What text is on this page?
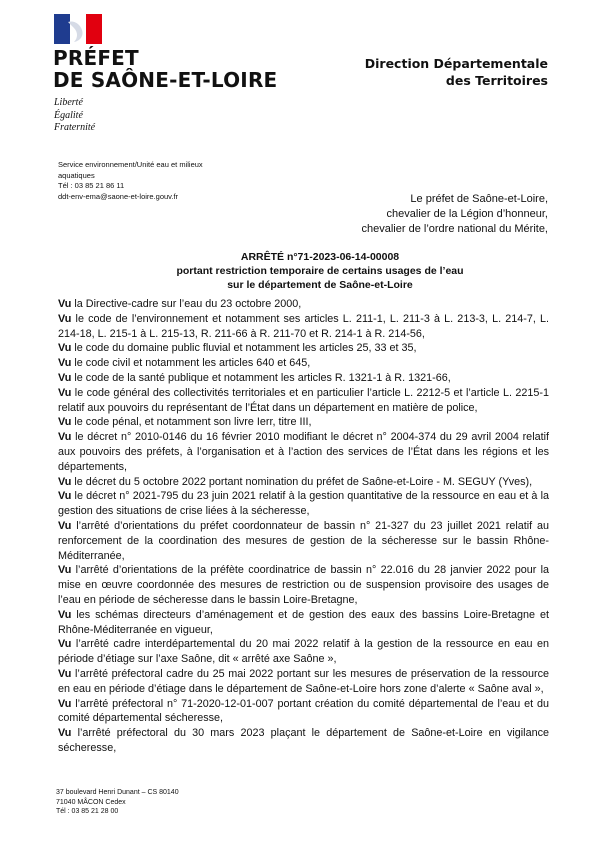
PRÉFET
DE SAÔNE-ET-LOIRE
Liberté
Égalité
Fraternité
Direction Départementale
des Territoires
Service environnement/Unité eau et milieux
aquatiques
Tél : 03 85 21 86 11
ddt-env-ema@saone-et-loire.gouv.fr	Le préfet de Saône-et-Loire,
chevalier de la Légion d’honneur,
chevalier de l’ordre national du Mérite,
ARRÊTÉ n°71-2023-06-14-00008
portant restriction temporaire de certains usages de l’eau
sur le département de Saône-et-Loire

Vu la Directive-cadre sur l’eau du 23 octobre 2000,

Vu le code de l’environnement et notamment ses articles L. 211-1, L. 211-3 à L. 213-3, L. 214-7, L. 214-18, L. 215-1 à L. 215-13, R. 211-66 à R. 211-70 et R. 214-1 à R. 214-56,

Vu le code du domaine public fluvial et notamment les articles 25, 33 et 35,

Vu le code civil et notamment les articles 640 et 645,

Vu le code de la santé publique et notamment les articles R. 1321-1 à R. 1321-66,

Vu le code général des collectivités territoriales et en particulier l’article L. 2212-5 et l’article L. 2215-1 relatif aux pouvoirs du représentant de l’État dans un département en matière de police,

Vu le code pénal, et notamment son livre Ierr, titre III,

Vu le décret n° 2010-0146 du 16 février 2010 modifiant le décret n° 2004-374 du 29 avril 2004 relatif aux pouvoirs des préfets, à l’organisation et à l’action des services de l’État dans les régions et les départements,

Vu le décret du 5 octobre 2022 portant nomination du préfet de Saône-et-Loire - M. SEGUY (Yves),

Vu le décret n° 2021-795 du 23 juin 2021 relatif à la gestion quantitative de la ressource en eau et à la gestion des situations de crise liées à la sécheresse,

Vu l’arrêté d’orientations du préfet coordonnateur de bassin n° 21-327 du 23 juillet 2021 relatif au renforcement de la coordination des mesures de gestion de la sécheresse sur le bassin Rhône-Méditerranée,

Vu l’arrêté d’orientations de la préfète coordinatrice de bassin n° 22.016 du 28 janvier 2022 pour la mise en œuvre coordonnée des mesures de restriction ou de suspension provisoire des usages de l’eau en période de sécheresse dans le bassin Loire-Bretagne,

Vu les schémas directeurs d’aménagement et de gestion des eaux des bassins Loire-Bretagne et Rhône-Méditerranée en vigueur,

Vu l’arrêté cadre interdépartemental du 20 mai 2022 relatif à la gestion de la ressource en eau en période d’étiage sur l’axe Saône, dit « arrêté axe Saône »,

Vu l’arrêté préfectoral cadre du 25 mai 2022 portant sur les mesures de préservation de la ressource en eau en période d’étiage dans le département de Saône-et-Loire hors zone d’alerte « Saône aval »,

Vu l’arrêté préfectoral n° 71-2020-12-01-007 portant création du comité départemental de l’eau et du comité départemental sécheresse,

Vu l’arrêté préfectoral du 30 mars 2023 plaçant le département de Saône-et-Loire en vigilance sécheresse,

37 boulevard Henri Dunant – CS 80140
71040 MÂCON Cedex
Tél : 03 85 21 28 00
